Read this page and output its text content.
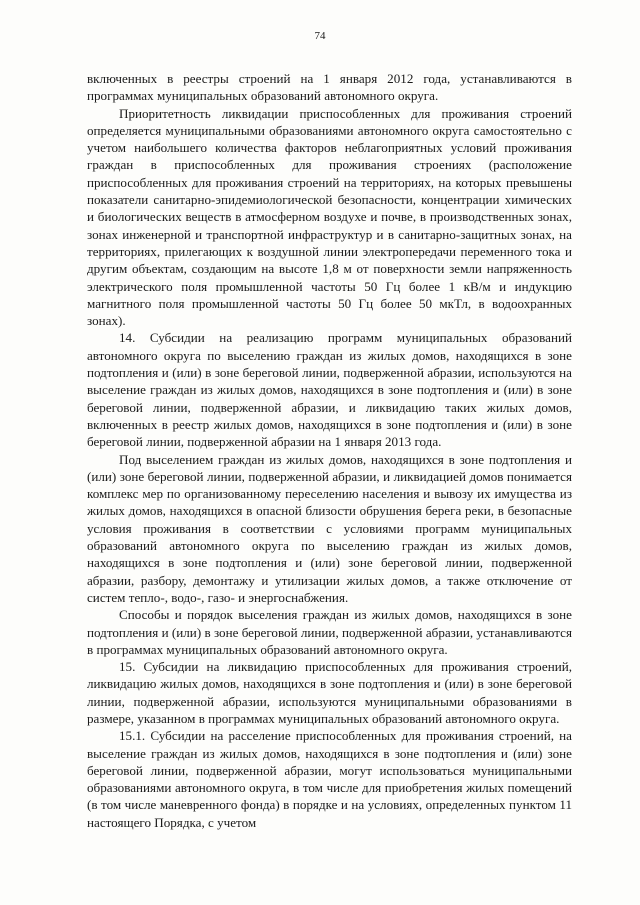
74

включенных в реестры строений на 1 января 2012 года, устанавливаются в программах муниципальных образований автономного округа.

Приоритетность ликвидации приспособленных для проживания строений определяется муниципальными образованиями автономного округа самостоятельно с учетом наибольшего количества факторов неблагоприятных условий проживания граждан в приспособленных для проживания строениях (расположение приспособленных для проживания строений на территориях, на которых превышены показатели санитарно-эпидемиологической безопасности, концентрации химических и биологических веществ в атмосферном воздухе и почве, в производственных зонах, зонах инженерной и транспортной инфраструктур и в санитарно-защитных зонах, на территориях, прилегающих к воздушной линии электропередачи переменного тока и другим объектам, создающим на высоте 1,8 м от поверхности земли напряженность электрического поля промышленной частоты 50 Гц более 1 кВ/м и индукцию магнитного поля промышленной частоты 50 Гц более 50 мкТл, в водоохранных зонах).

14. Субсидии на реализацию программ муниципальных образований автономного округа по выселению граждан из жилых домов, находящихся в зоне подтопления и (или) в зоне береговой линии, подверженной абразии, используются на выселение граждан из жилых домов, находящихся в зоне подтопления и (или) в зоне береговой линии, подверженной абразии, и ликвидацию таких жилых домов, включенных в реестр жилых домов, находящихся в зоне подтопления и (или) в зоне береговой линии, подверженной абразии на 1 января 2013 года.

Под выселением граждан из жилых домов, находящихся в зоне подтопления и (или) зоне береговой линии, подверженной абразии, и ликвидацией домов понимается комплекс мер по организованному переселению населения и вывозу их имущества из жилых домов, находящихся в опасной близости обрушения берега реки, в безопасные условия проживания в соответствии с условиями программ муниципальных образований автономного округа по выселению граждан из жилых домов, находящихся в зоне подтопления и (или) зоне береговой линии, подверженной абразии, разбору, демонтажу и утилизации жилых домов, а также отключение от систем тепло-, водо-, газо- и энергоснабжения.

Способы и порядок выселения граждан из жилых домов, находящихся в зоне подтопления и (или) в зоне береговой линии, подверженной абразии, устанавливаются в программах муниципальных образований автономного округа.

15. Субсидии на ликвидацию приспособленных для проживания строений, ликвидацию жилых домов, находящихся в зоне подтопления и (или) в зоне береговой линии, подверженной абразии, используются муниципальными образованиями в размере, указанном в программах муниципальных образований автономного округа.

15.1. Субсидии на расселение приспособленных для проживания строений, на выселение граждан из жилых домов, находящихся в зоне подтопления и (или) зоне береговой линии, подверженной абразии, могут использоваться муниципальными образованиями автономного округа, в том числе для приобретения жилых помещений (в том числе маневренного фонда) в порядке и на условиях, определенных пунктом 11 настоящего Порядка, с учетом
